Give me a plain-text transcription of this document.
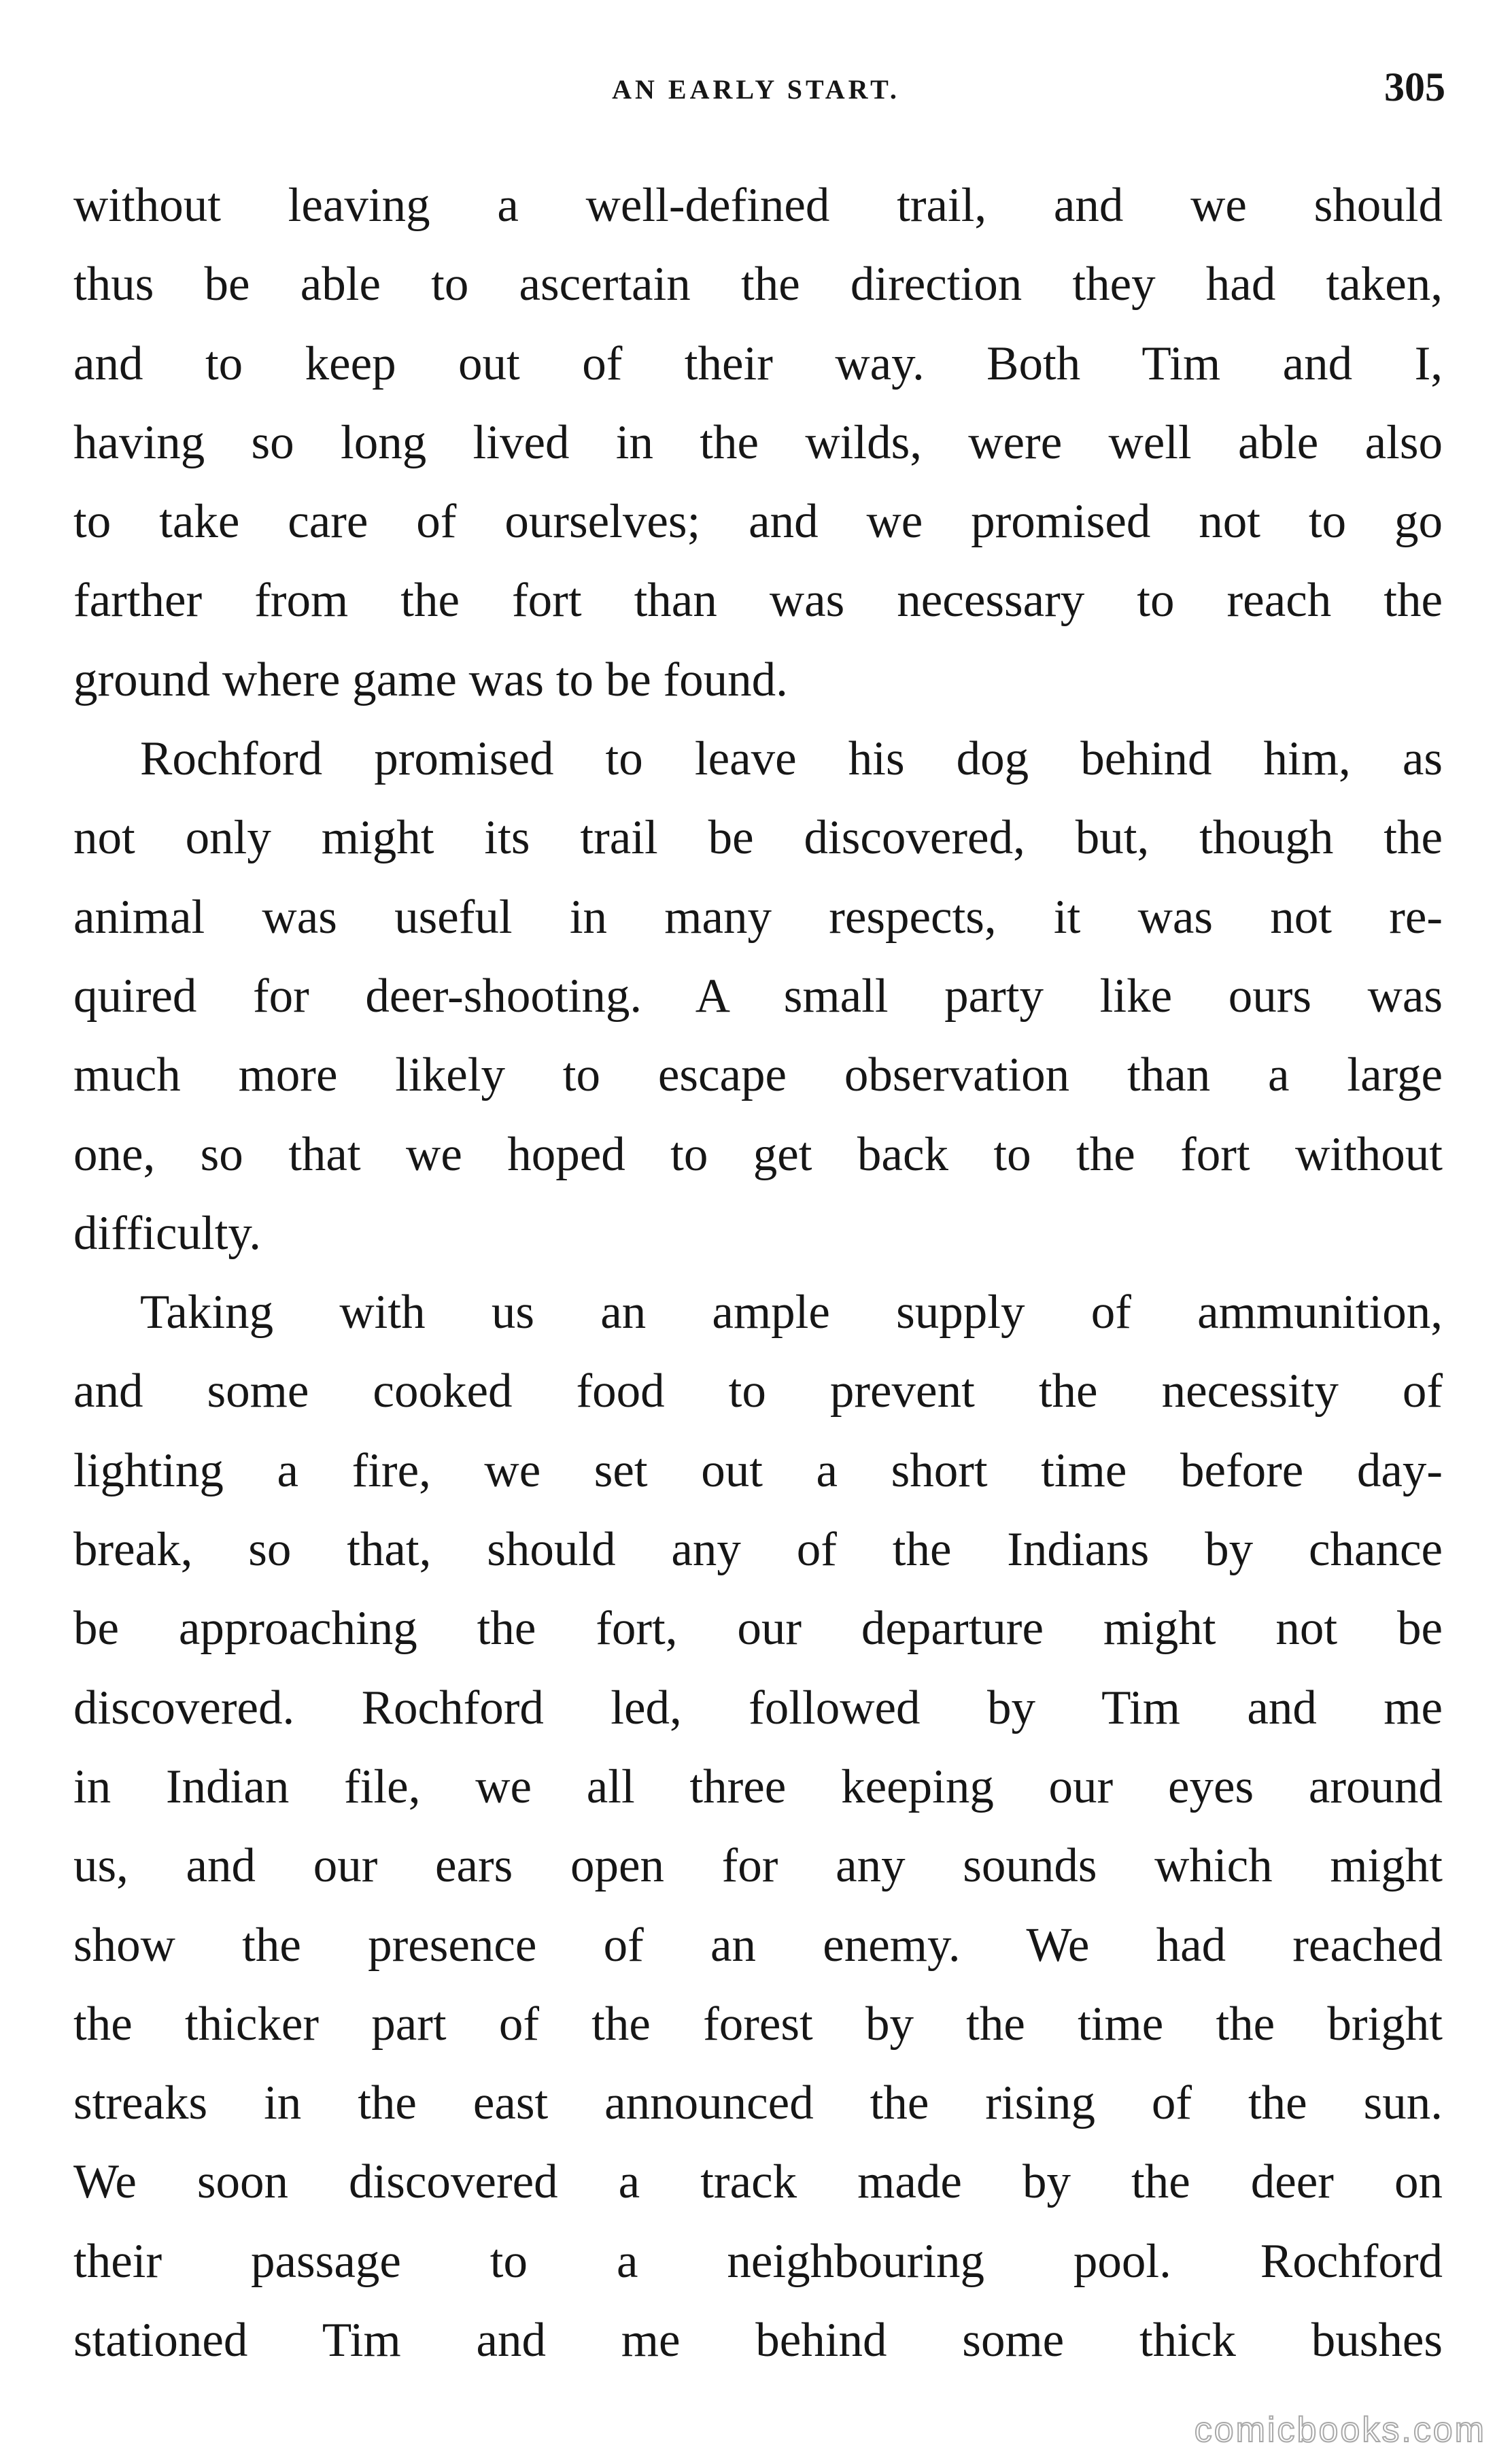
AN EARLY START.	305
without leaving a well-defined trail, and we should
thus be able to ascertain the direction they had taken,
and to keep out of their way. Both Tim and I,
having so long lived in the wilds, were well able also
to take care of ourselves; and we promised not to go
farther from the fort than was necessary to reach the
ground where game was to be found.
Rochford promised to leave his dog behind him, as
not only might its trail be discovered, but, though the
animal was useful in many respects, it was not re-
quired for deer-shooting. A small party like ours was
much more likely to escape observation than a large
one, so that we hoped to get back to the fort without
difficulty.
Taking with us an ample supply of ammunition,
and some cooked food to prevent the necessity of
lighting a fire, we set out a short time before day-
break, so that, should any of the Indians by chance
be approaching the fort, our departure might not be
discovered. Rochford led, followed by Tim and me
in Indian file, we all three keeping our eyes around
us, and our ears open for any sounds which might
show the presence of an enemy. We had reached
the thicker part of the forest by the time the bright
streaks in the east announced the rising of the sun.
We soon discovered a track made by the deer on
their passage to a neighbouring pool. Rochford
stationed Tim and me behind some thick bushes
comicbooks.com
